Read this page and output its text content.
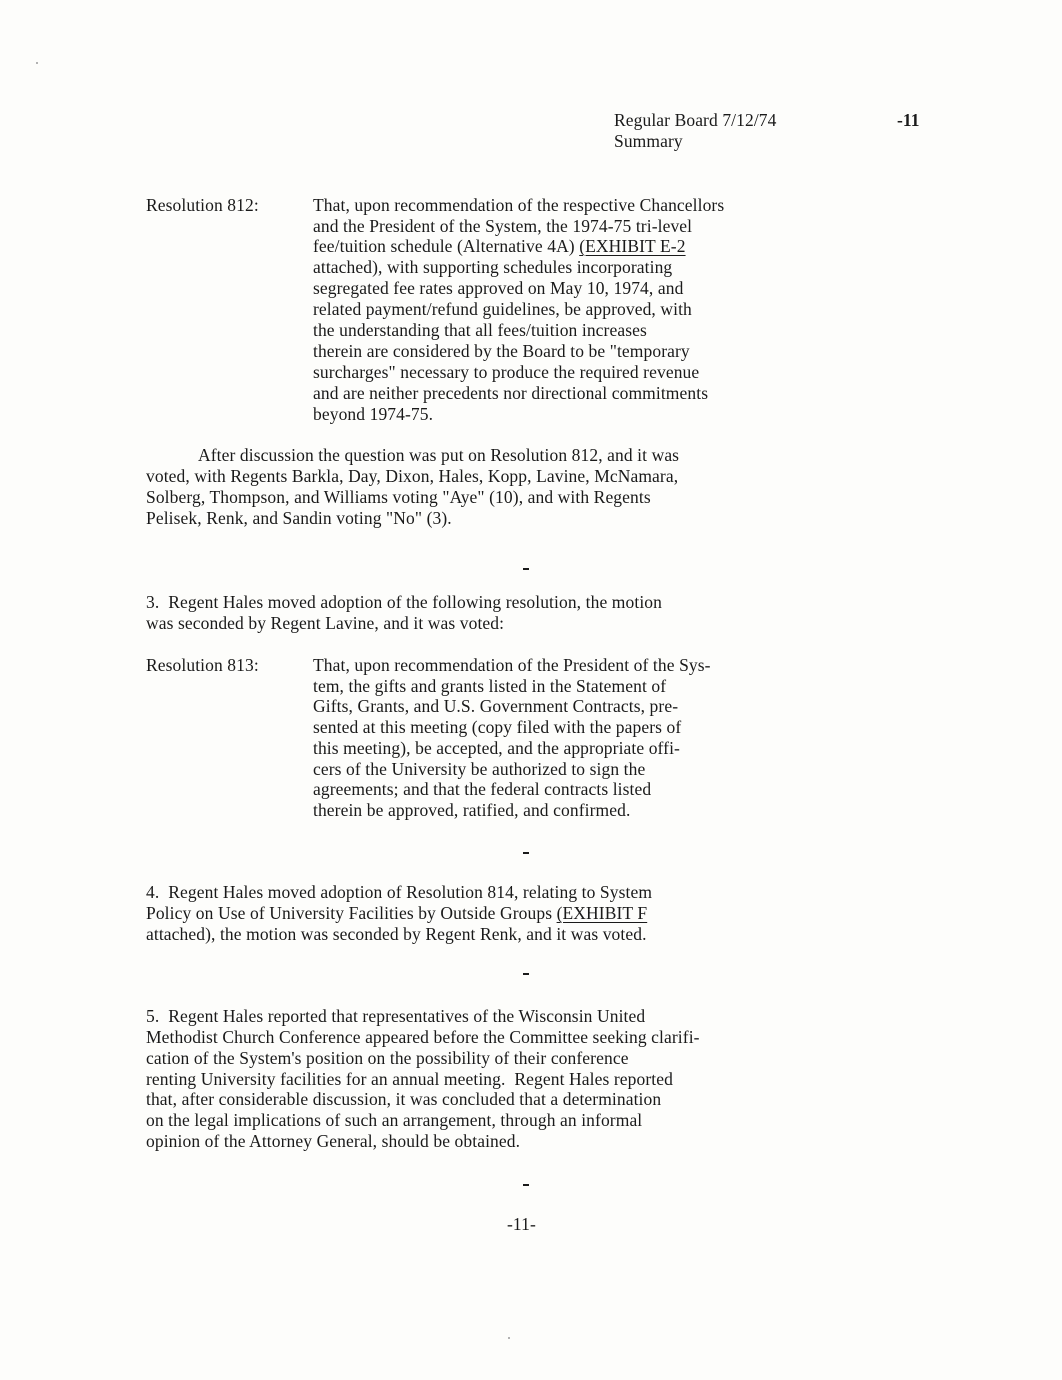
Regular Board 7/12/74
Summary
-11
Resolution 812:	That, upon recommendation of the respective Chancellors
and the President of the System, the 1974-75 tri-level
fee/tuition schedule (Alternative 4A) (EXHIBIT E-2
attached), with supporting schedules incorporating
segregated fee rates approved on May 10, 1974, and
related payment/refund guidelines, be approved, with
the understanding that all fees/tuition increases
therein are considered by the Board to be "temporary
surcharges" necessary to produce the required revenue
and are neither precedents nor directional commitments
beyond 1974-75.
After discussion the question was put on Resolution 812, and it was
voted, with Regents Barkla, Day, Dixon, Hales, Kopp, Lavine, McNamara,
Solberg, Thompson, and Williams voting "Aye" (10), and with Regents
Pelisek, Renk, and Sandin voting "No" (3).
3.  Regent Hales moved adoption of the following resolution, the motion
was seconded by Regent Lavine, and it was voted:
Resolution 813:	That, upon recommendation of the President of the Sys-
tem, the gifts and grants listed in the Statement of
Gifts, Grants, and U.S. Government Contracts, pre-
sented at this meeting (copy filed with the papers of
this meeting), be accepted, and the appropriate offi-
cers of the University be authorized to sign the
agreements; and that the federal contracts listed
therein be approved, ratified, and confirmed.
4.  Regent Hales moved adoption of Resolution 814, relating to System
Policy on Use of University Facilities by Outside Groups (EXHIBIT F
attached), the motion was seconded by Regent Renk, and it was voted.
5.  Regent Hales reported that representatives of the Wisconsin United
Methodist Church Conference appeared before the Committee seeking clarifi-
cation of the System's position on the possibility of their conference
renting University facilities for an annual meeting.  Regent Hales reported
that, after considerable discussion, it was concluded that a determination
on the legal implications of such an arrangement, through an informal
opinion of the Attorney General, should be obtained.
-11-
